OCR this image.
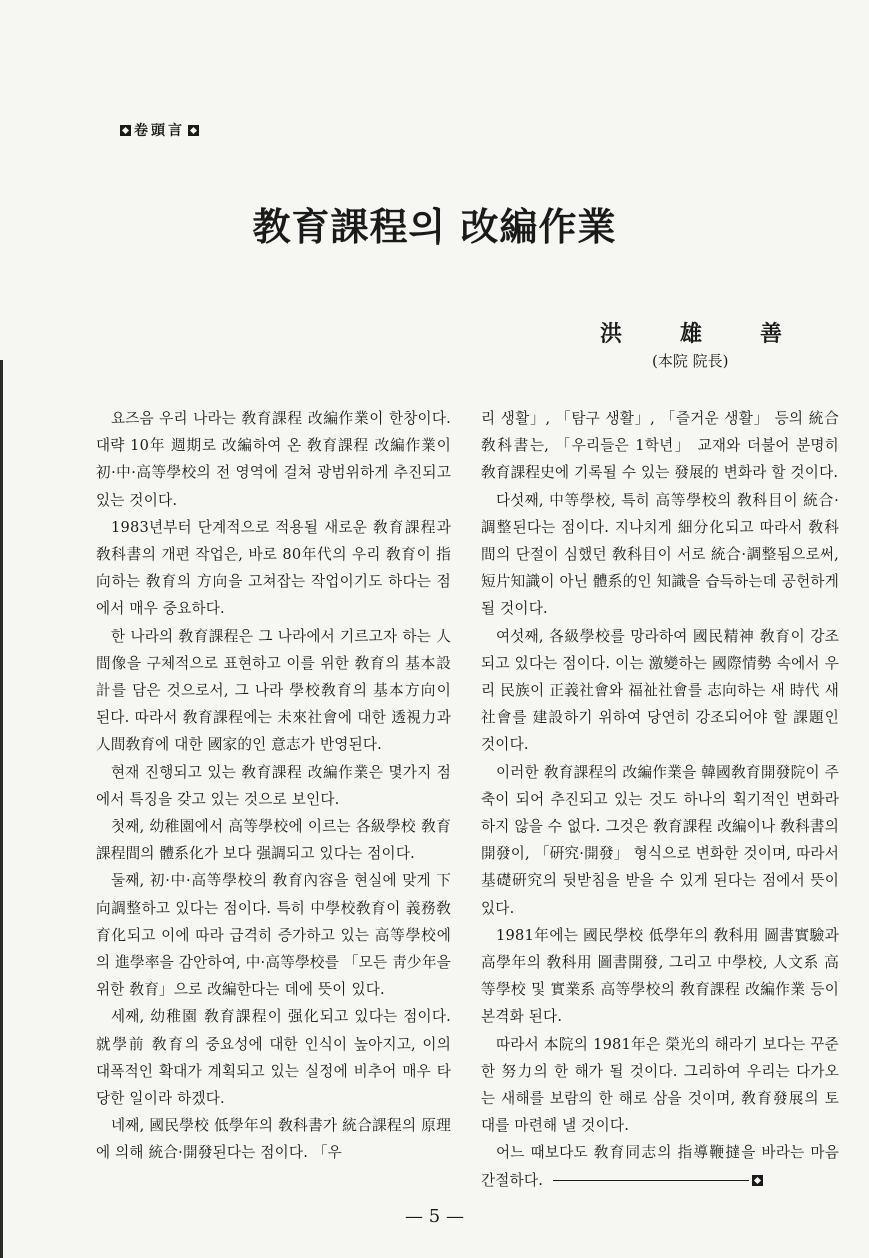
卷頭言
教育課程의 改編作業
洪	雄	善
(本院 院長)

요즈음 우리 나라는 敎育課程 改編作業이 한창이다. 대략 10年 週期로 改編하여 온 敎育課程 改編作業이 初·中·高等學校의 전 영역에 걸쳐 광범위하게 추진되고 있는 것이다.

1983년부터 단계적으로 적용될 새로운 敎育課程과 敎科書의 개편 작업은, 바로 80年代의 우리 敎育이 指向하는 敎育의 方向을 고쳐잡는 작업이기도 하다는 점에서 매우 중요하다.

한 나라의 敎育課程은 그 나라에서 기르고자 하는 人間像을 구체적으로 표현하고 이를 위한 敎育의 基本設計를 담은 것으로서, 그 나라 學校敎育의 基本方向이 된다. 따라서 敎育課程에는 未來社會에 대한 透視力과 人間敎育에 대한 國家的인 意志가 반영된다.

현재 진행되고 있는 敎育課程 改編作業은 몇가지 점에서 특징을 갖고 있는 것으로 보인다.

첫째, 幼稚園에서 高等學校에 이르는 各級學校 敎育課程間의 體系化가 보다 强調되고 있다는 점이다.

둘째, 初·中·高等學校의 敎育內容을 현실에 맞게 下向調整하고 있다는 점이다. 특히 中學校敎育이 義務敎育化되고 이에 따라 급격히 증가하고 있는 高等學校에의 進學率을 감안하여, 中·高等學校를 「모든 靑少年을 위한 敎育」으로 改編한다는 데에 뜻이 있다.

세째, 幼稚園 敎育課程이 强化되고 있다는 점이다. 就學前 敎育의 중요성에 대한 인식이 높아지고, 이의 대폭적인 확대가 계획되고 있는 실정에 비추어 매우 타당한 일이라 하겠다.

네째, 國民學校 低學年의 敎科書가 統合課程의 原理에 의해 統合·開發된다는 점이다. 「우

리 생활」, 「탐구 생활」, 「즐거운 생활」 등의 統合敎科書는, 「우리들은 1학년」 교재와 더불어 분명히 敎育課程史에 기록될 수 있는 發展的 변화라 할 것이다.

다섯째, 中等學校, 특히 高等學校의 敎科目이 統合·調整된다는 점이다. 지나치게 細分化되고 따라서 敎科間의 단절이 심했던 敎科目이 서로 統合·調整됨으로써, 短片知識이 아닌 體系的인 知識을 습득하는데 공헌하게 될 것이다.

여섯째, 各級學校를 망라하여 國民精神 敎育이 강조되고 있다는 점이다. 이는 激變하는 國際情勢 속에서 우리 民族이 正義社會와 福祉社會를 志向하는 새 時代 새 社會를 建設하기 위하여 당연히 강조되어야 할 課題인 것이다.

이러한 敎育課程의 改編作業을 韓國敎育開發院이 주축이 되어 추진되고 있는 것도 하나의 획기적인 변화라 하지 않을 수 없다. 그것은 敎育課程 改編이나 敎科書의 開發이, 「硏究·開發」 형식으로 변화한 것이며, 따라서 基礎硏究의 뒷받침을 받을 수 있게 된다는 점에서 뜻이 있다.

1981年에는 國民學校 低學年의 敎科用 圖書實驗과 高學年의 敎科用 圖書開發, 그리고 中學校, 人文系 高等學校 및 實業系 高等學校의 敎育課程 改編作業 등이 본격화 된다.

따라서 本院의 1981年은 榮光의 해라기 보다는 꾸준한 努力의 한 해가 될 것이다. 그리하여 우리는 다가오는 새해를 보람의 한 해로 삼을 것이며, 敎育發展의 토대를 마련해 낼 것이다.

어느 때보다도 敎育同志의 指導鞭撻을 바라는 마음 간절하다.

— 5 —
